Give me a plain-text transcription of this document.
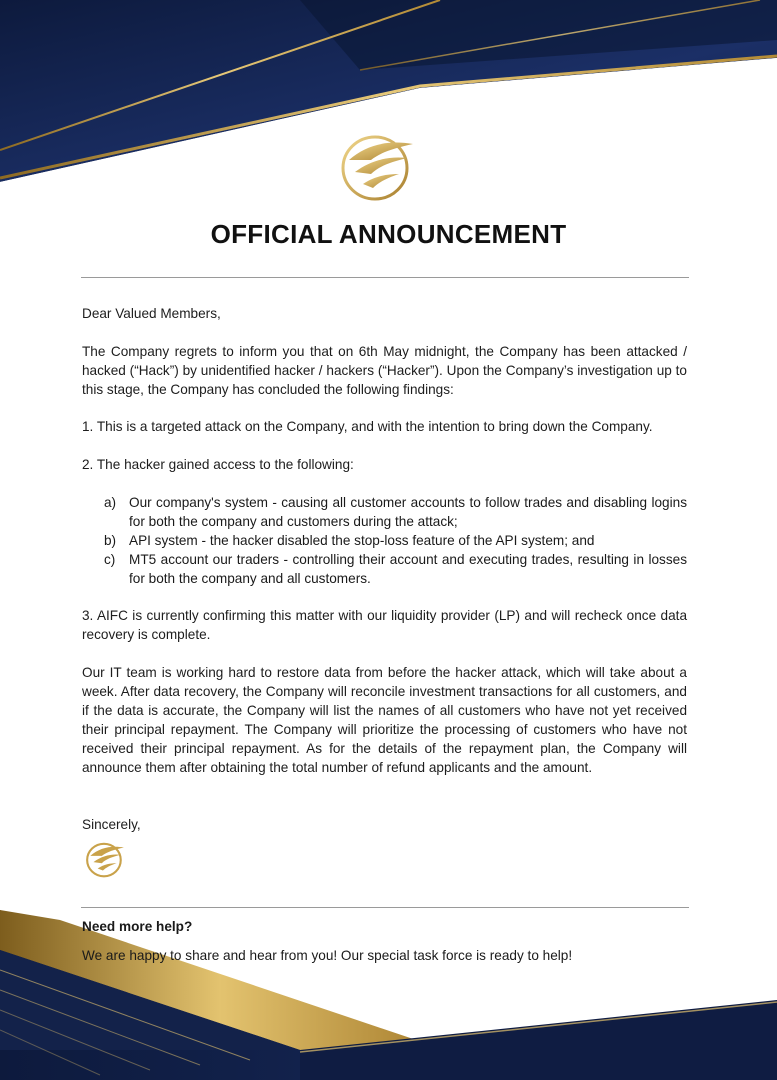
OFFICIAL ANNOUNCEMENT
Dear Valued Members,
The Company regrets to inform you that on 6th May midnight, the Company has been attacked / hacked (“Hack”) by unidentified hacker / hackers (“Hacker”). Upon the Company’s investigation up to this stage, the Company has concluded the following findings:
1. This is a targeted attack on the Company, and with the intention to bring down the Company.
2. The hacker gained access to the following:
a) Our company's system - causing all customer accounts to follow trades and disabling logins for both the company and customers during the attack;
b) API system - the hacker disabled the stop-loss feature of the API system; and
c) MT5 account our traders - controlling their account and executing trades, resulting in losses for both the company and all customers.
3. AIFC is currently confirming this matter with our liquidity provider (LP) and will recheck once data recovery is complete.
Our IT team is working hard to restore data from before the hacker attack, which will take about a week. After data recovery, the Company will reconcile investment transactions for all customers, and if the data is accurate, the Company will list the names of all customers who have not yet received their principal repayment. The Company will prioritize the processing of customers who have not received their principal repayment. As for the details of the repayment plan, the Company will announce them after obtaining the total number of refund applicants and the amount.
Sincerely,
Need more help?
We are happy to share and hear from you! Our special task force is ready to help!
